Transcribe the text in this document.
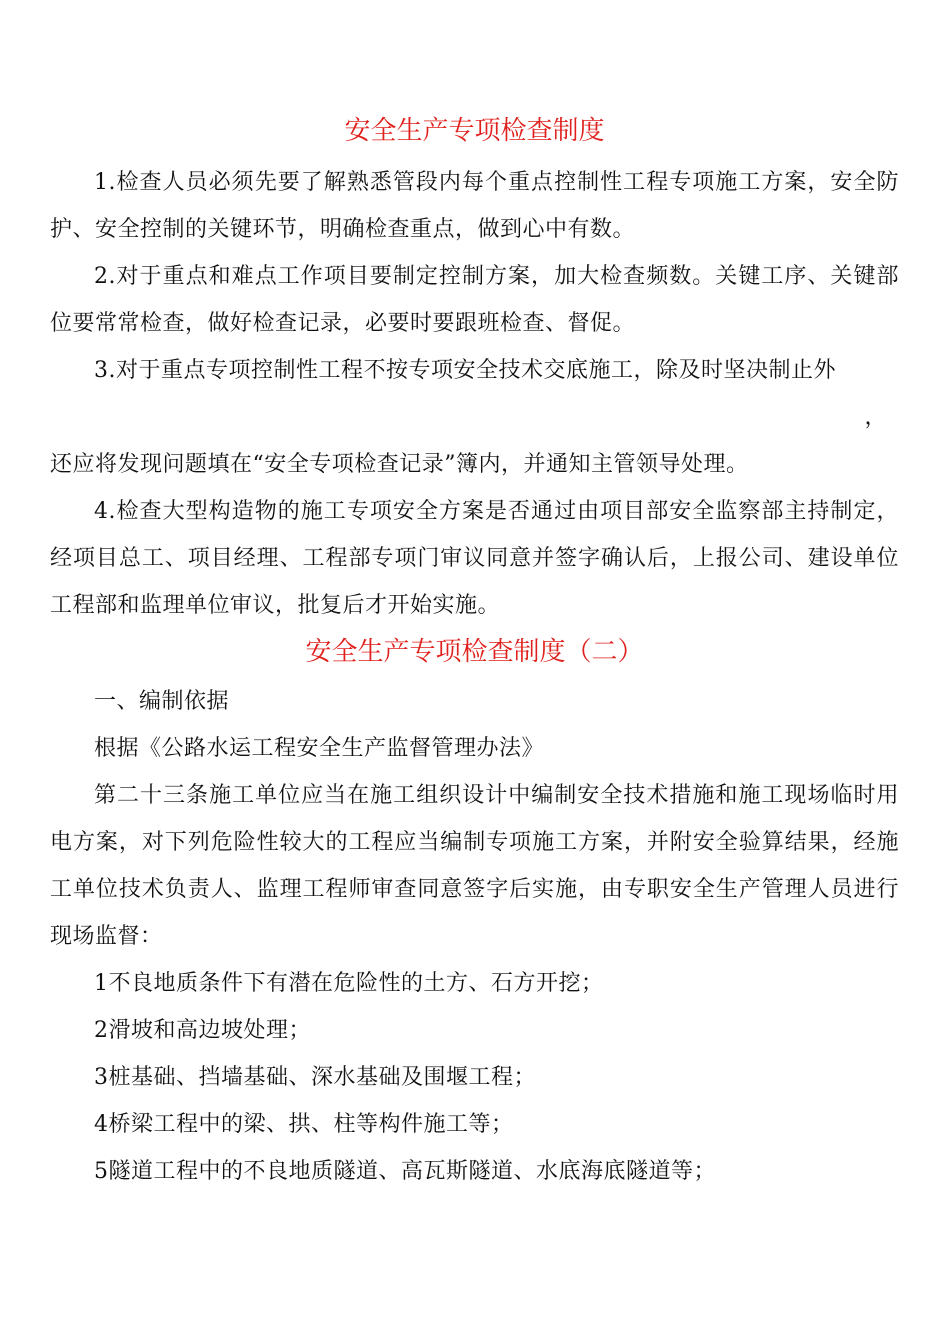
安全生产专项检查制度

1.检查人员必须先要了解熟悉管段内每个重点控制性工程专项施工方案，安全防护、安全控制的关键环节，明确检查重点，做到心中有数。

2.对于重点和难点工作项目要制定控制方案，加大检查频数。关键工序、关键部位要常常检查，做好检查记录，必要时要跟班检查、督促。

3.对于重点专项控制性工程不按专项安全技术交底施工，除及时坚决制止外

，

还应将发现问题填在“安全专项检查记录”簿内，并通知主管领导处理。

4.检查大型构造物的施工专项安全方案是否通过由项目部安全监察部主持制定，经项目总工、项目经理、工程部专项门审议同意并签字确认后，上报公司、建设单位工程部和监理单位审议，批复后才开始实施。

安全生产专项检查制度（二）

一、编制依据

根据《公路水运工程安全生产监督管理办法》

第二十三条施工单位应当在施工组织设计中编制安全技术措施和施工现场临时用电方案，对下列危险性较大的工程应当编制专项施工方案，并附安全验算结果，经施工单位技术负责人、监理工程师审查同意签字后实施，由专职安全生产管理人员进行现场监督：

1不良地质条件下有潜在危险性的土方、石方开挖；

2滑坡和高边坡处理；

3桩基础、挡墙基础、深水基础及围堰工程；

4桥梁工程中的梁、拱、柱等构件施工等；

5隧道工程中的不良地质隧道、高瓦斯隧道、水底海底隧道等；
